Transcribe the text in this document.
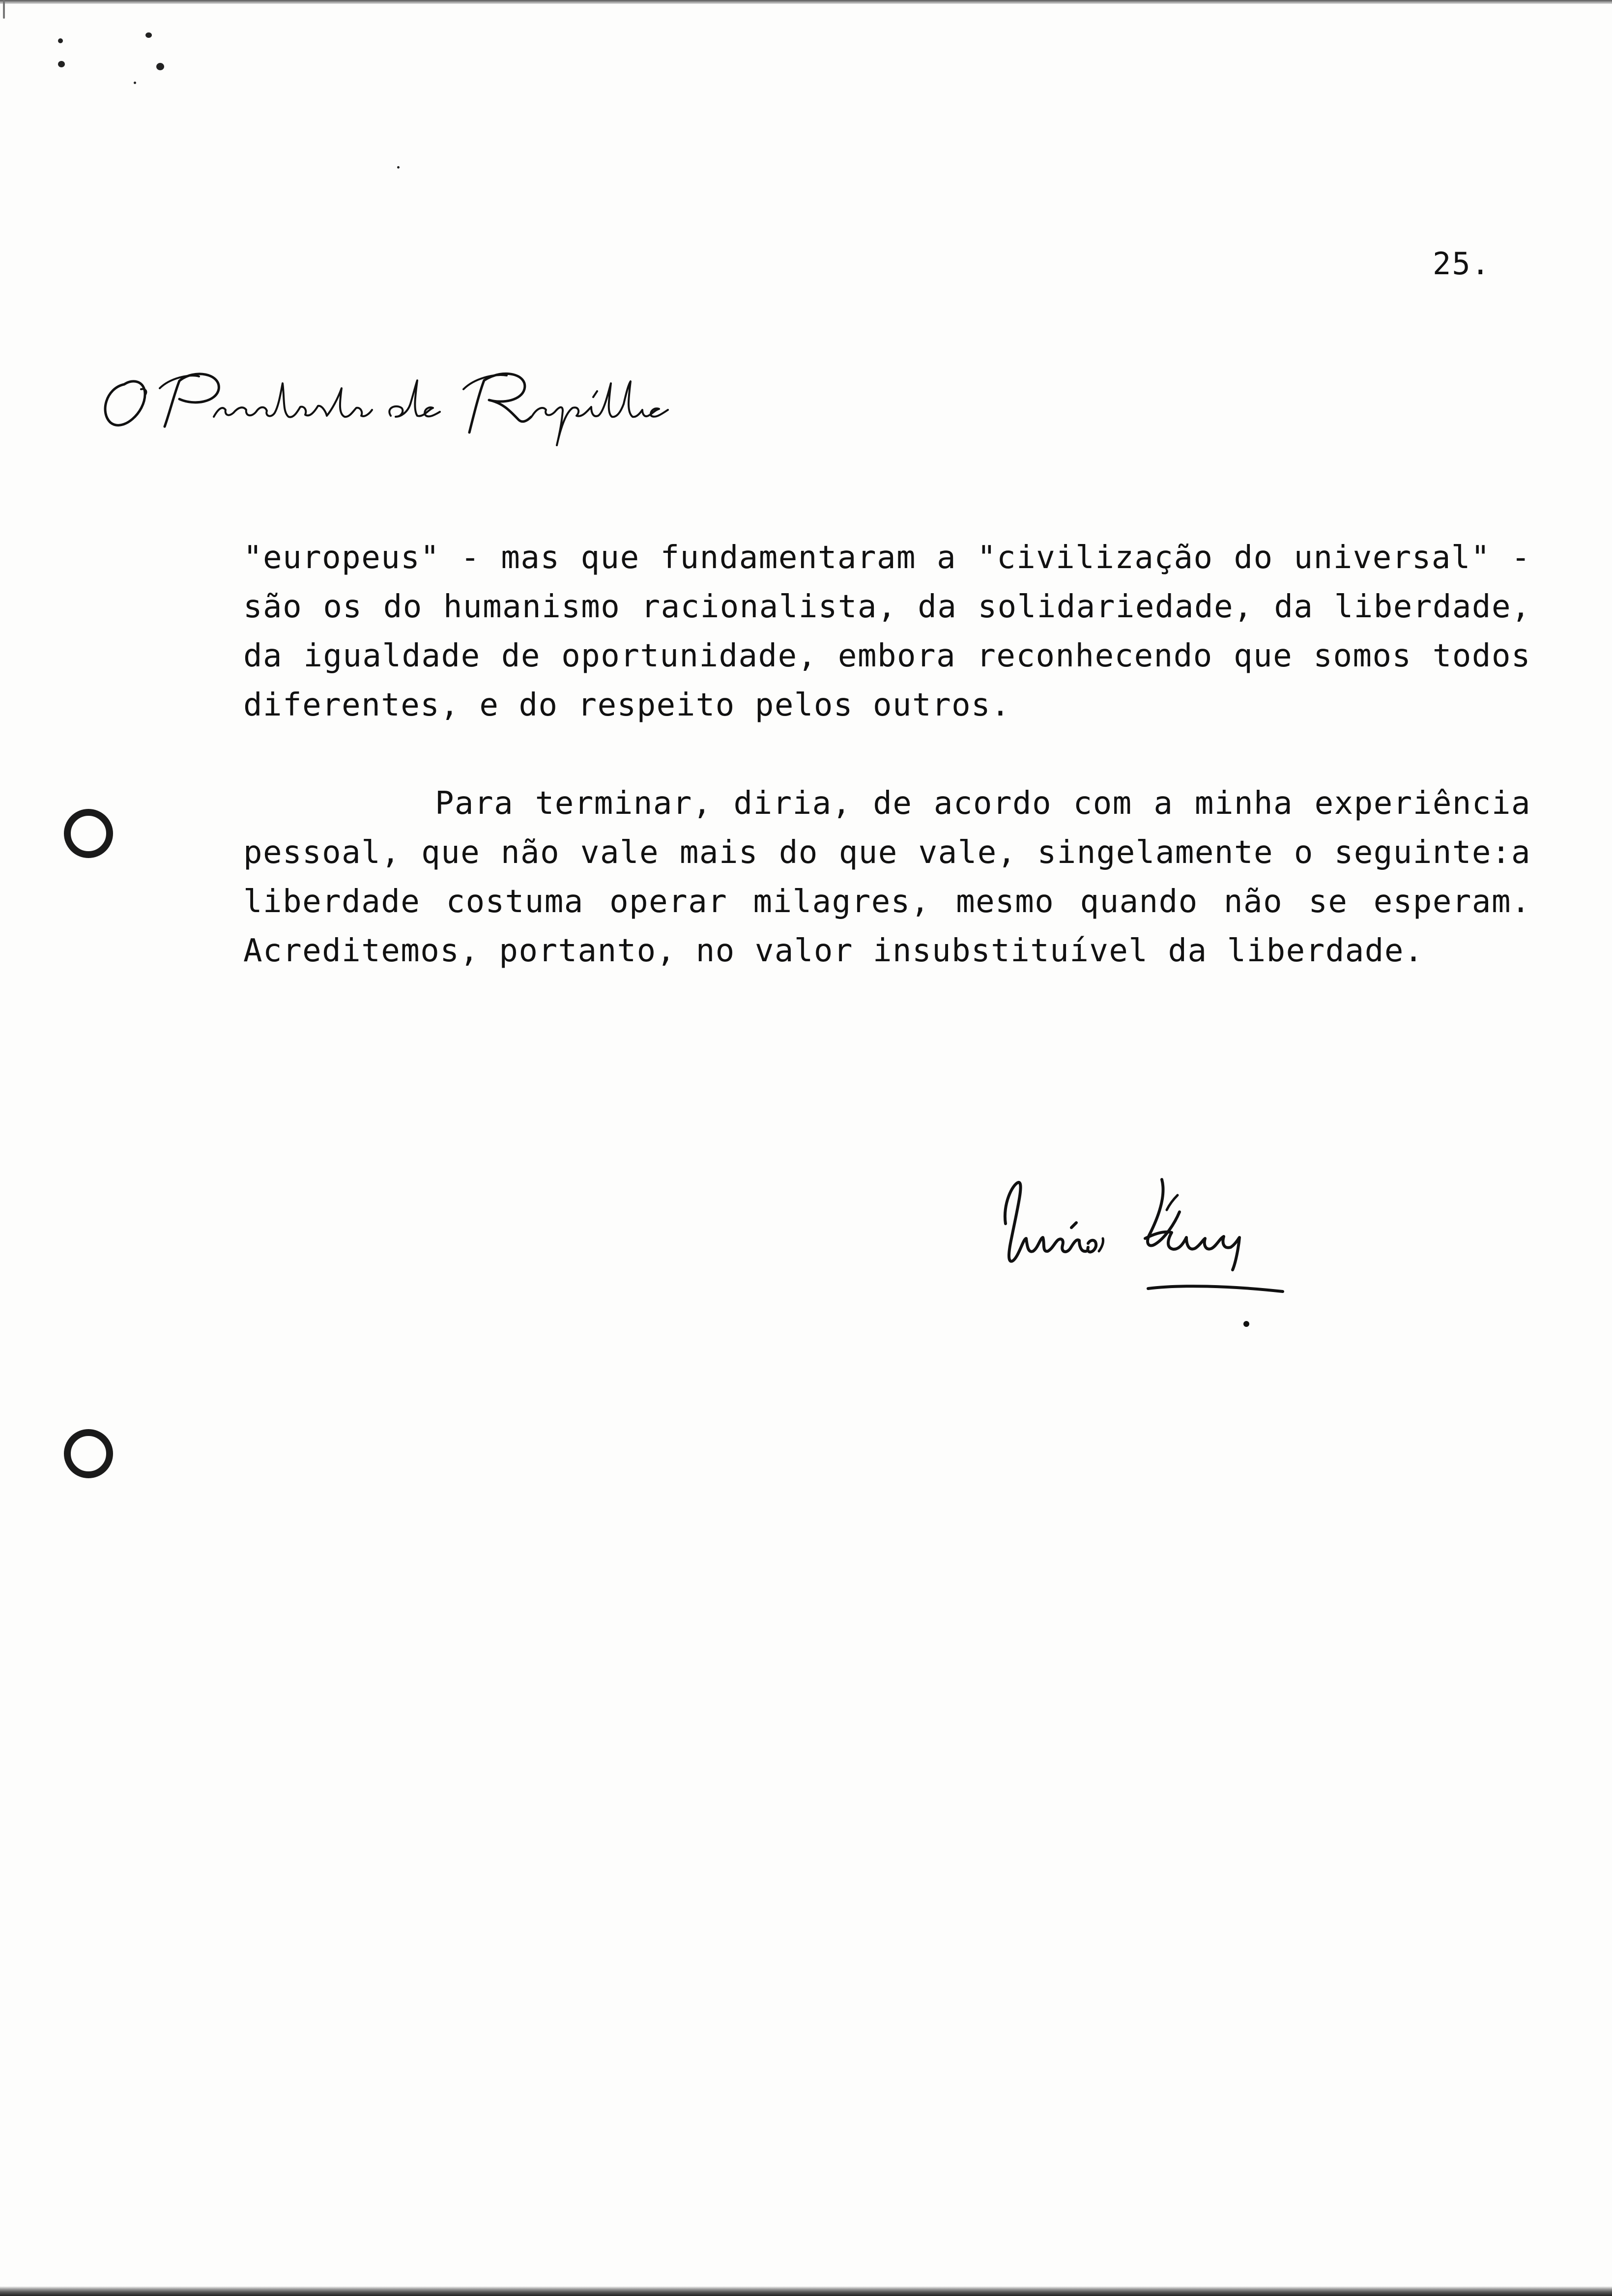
25.

"europeus" - mas que fundamentaram a "civilização do universal" - são os do humanismo racionalista, da solidariedade, da liberdade, da igualdade de oportunidade, embora reconhecendo que somos todos diferentes, e do respeito pelos outros.

Para terminar, diria, de acordo com a minha experiência pessoal, que não vale mais do que vale, singelamente o seguinte:a liberdade costuma operar milagres, mesmo quando não se esperam. Acreditemos, portanto, no valor insubstituível da liberdade.
